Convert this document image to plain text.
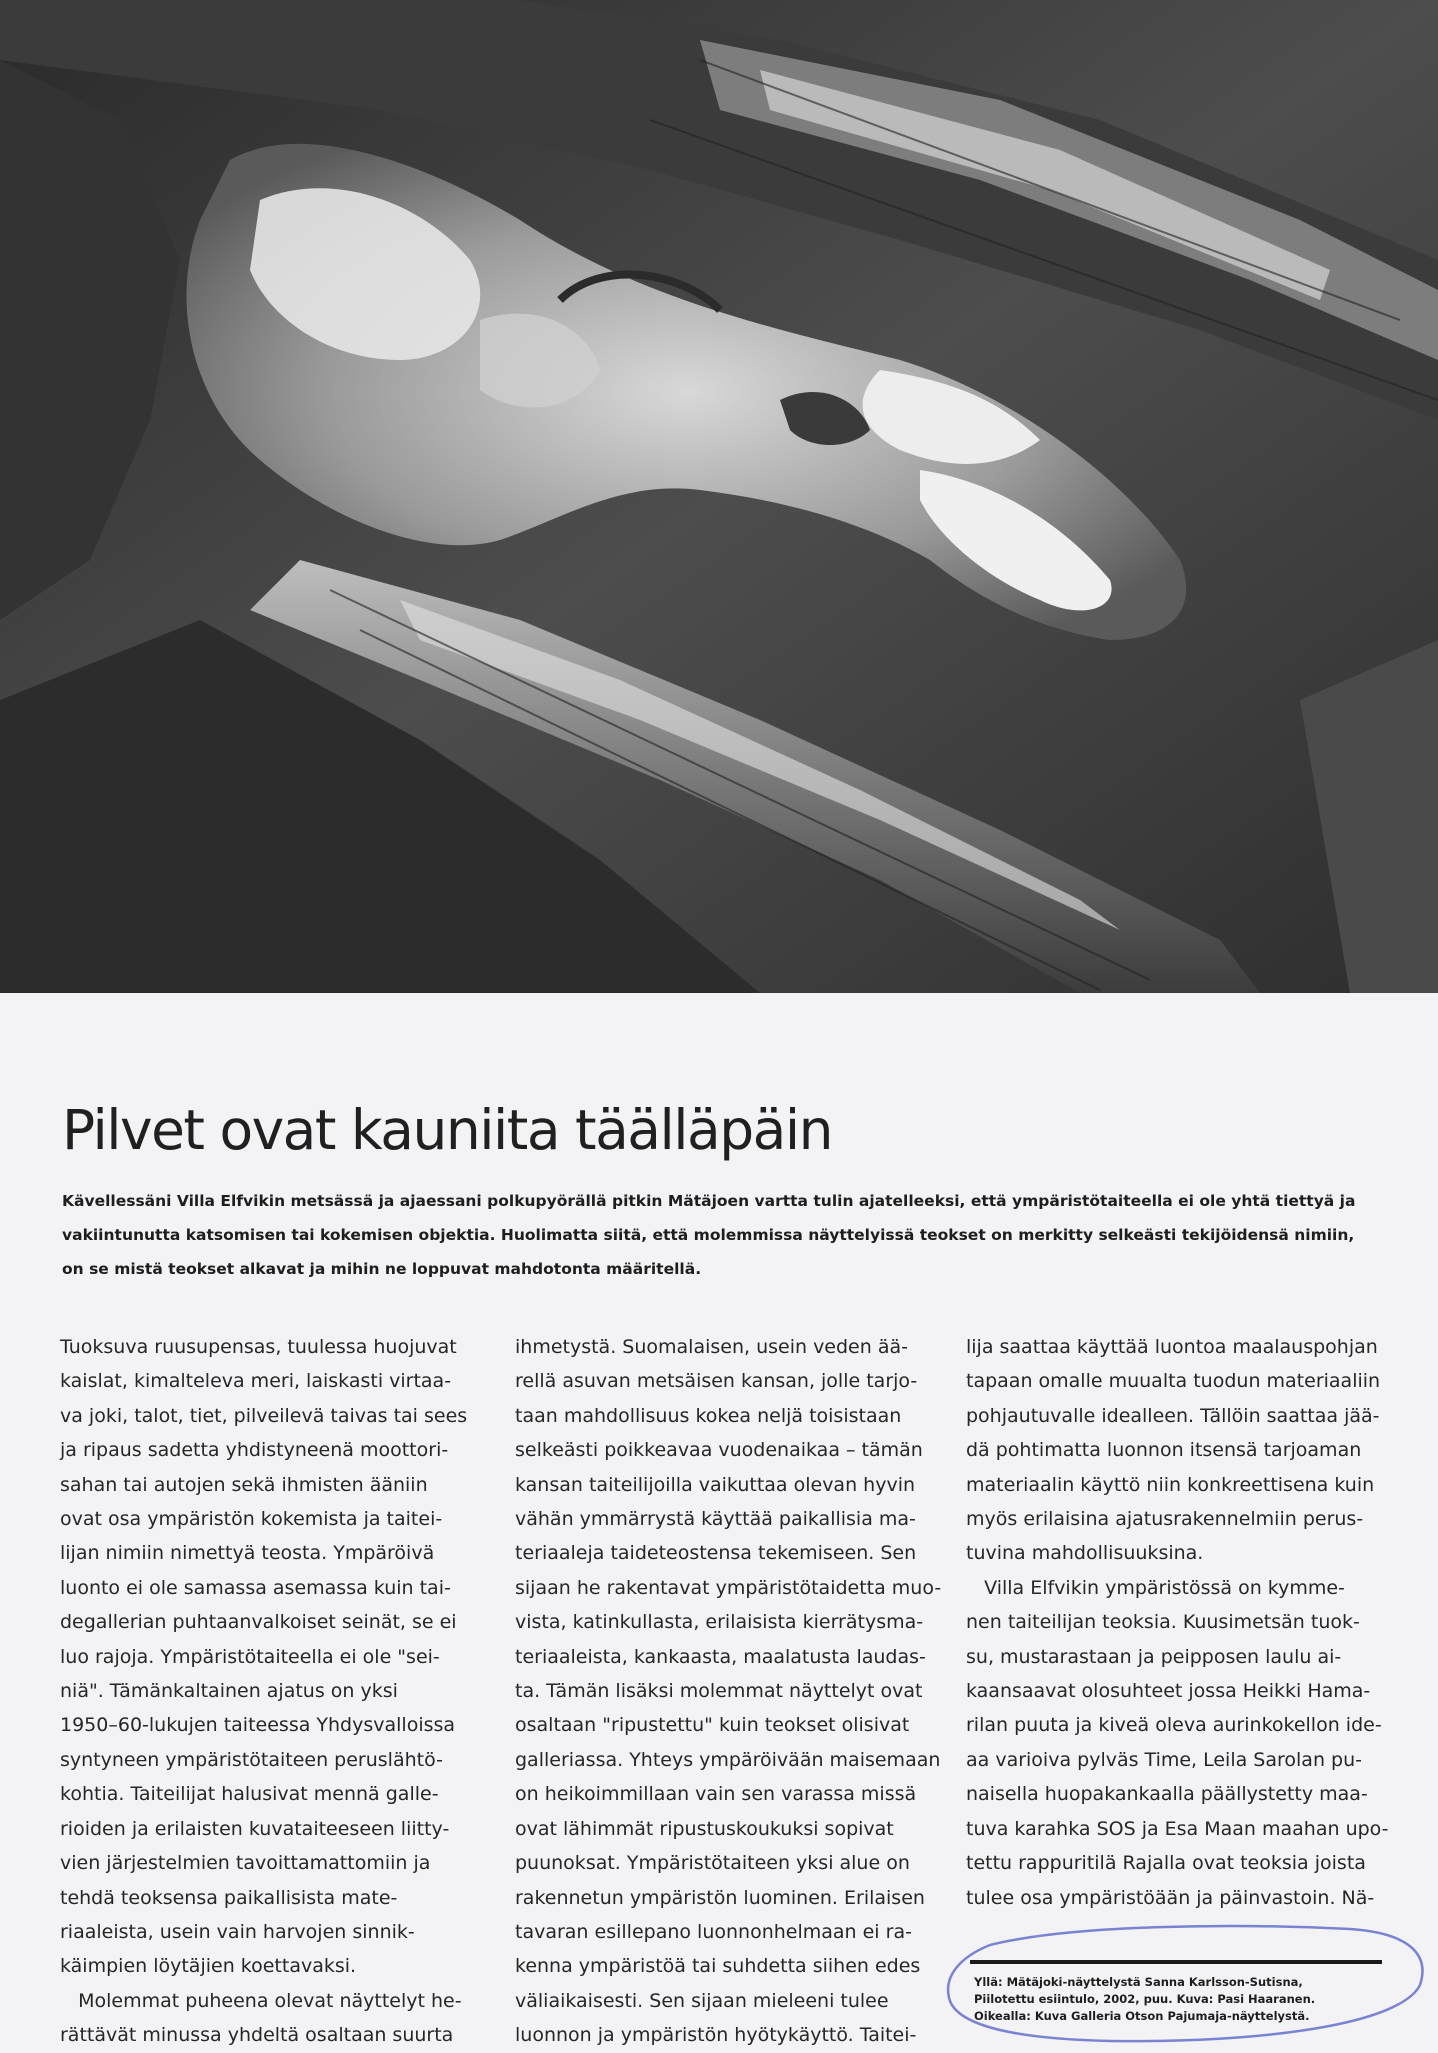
Pilvet ovat kauniita täälläpäin
Kävellessäni Villa Elfvikin metsässä ja ajaessani polkupyörällä pitkin Mätäjoen vartta tulin ajatelleeksi, että ympäristötaiteella ei ole yhtä tiettyä ja
vakiintunutta katsomisen tai kokemisen objektia. Huolimatta siitä, että molemmissa näyttelyissä teokset on merkitty selkeästi tekijöidensä nimiin,
on se mistä teokset alkavat ja mihin ne loppuvat mahdotonta määritellä.
Tuoksuva ruusupensas, tuulessa huojuvat
kaislat, kimalteleva meri, laiskasti virtaa-
va joki, talot, tiet, pilveilevä taivas tai sees
ja ripaus sadetta yhdistyneenä moottori-
sahan tai autojen sekä ihmisten ääniin
ovat osa ympäristön kokemista ja taitei-
lijan nimiin nimettyä teosta. Ympäröivä
luonto ei ole samassa asemassa kuin tai-
degallerian puhtaanvalkoiset seinät, se ei
luo rajoja. Ympäristötaiteella ei ole "sei-
niä". Tämänkaltainen ajatus on yksi
1950–60-lukujen taiteessa Yhdysvalloissa
syntyneen ympäristötaiteen peruslähtö-
kohtia. Taiteilijat halusivat mennä galle-
rioiden ja erilaisten kuvataiteeseen liitty-
vien järjestelmien tavoittamattomiin ja
tehdä teoksensa paikallisista mate-
riaaleista, usein vain harvojen sinnik-
käimpien löytäjien koettavaksi.
Molemmat puheena olevat näyttelyt he-
rättävät minussa yhdeltä osaltaan suurta
ihmetystä. Suomalaisen, usein veden ää-
rellä asuvan metsäisen kansan, jolle tarjo-
taan mahdollisuus kokea neljä toisistaan
selkeästi poikkeavaa vuodenaikaa – tämän
kansan taiteilijoilla vaikuttaa olevan hyvin
vähän ymmärrystä käyttää paikallisia ma-
teriaaleja taideteostensa tekemiseen. Sen
sijaan he rakentavat ympäristötaidetta muo-
vista, katinkullasta, erilaisista kierrätysma-
teriaaleista, kankaasta, maalatusta laudas-
ta. Tämän lisäksi molemmat näyttelyt ovat
osaltaan "ripustettu" kuin teokset olisivat
galleriassa. Yhteys ympäröivään maisemaan
on heikoimmillaan vain sen varassa missä
ovat lähimmät ripustuskoukuksi sopivat
puunoksat. Ympäristötaiteen yksi alue on
rakennetun ympäristön luominen. Erilaisen
tavaran esillepano luonnonhelmaan ei ra-
kenna ympäristöä tai suhdetta siihen edes
väliaikaisesti. Sen sijaan mieleeni tulee
luonnon ja ympäristön hyötykäyttö. Taitei-
lija saattaa käyttää luontoa maalauspohjan
tapaan omalle muualta tuodun materiaaliin
pohjautuvalle idealleen. Tällöin saattaa jää-
dä pohtimatta luonnon itsensä tarjoaman
materiaalin käyttö niin konkreettisena kuin
myös erilaisina ajatusrakennelmiin perus-
tuvina mahdollisuuksina.
Villa Elfvikin ympäristössä on kymme-
nen taiteilijan teoksia. Kuusimetsän tuok-
su, mustarastaan ja peipposen laulu ai-
kaansaavat olosuhteet jossa Heikki Hama-
rilan puuta ja kiveä oleva aurinkokellon ide-
aa varioiva pylväs Time, Leila Sarolan pu-
naisella huopakankaalla päällystetty maa-
tuva karahka SOS ja Esa Maan maahan upo-
tettu rappuritilä Rajalla ovat teoksia joista
tulee osa ympäristöään ja päinvastoin. Nä-
Yllä: Mätäjoki-näyttelystä Sanna Karlsson-Sutisna,
Piilotettu esiintulo, 2002, puu. Kuva: Pasi Haaranen.
Oikealla: Kuva Galleria Otson Pajumaja-näyttelystä.
